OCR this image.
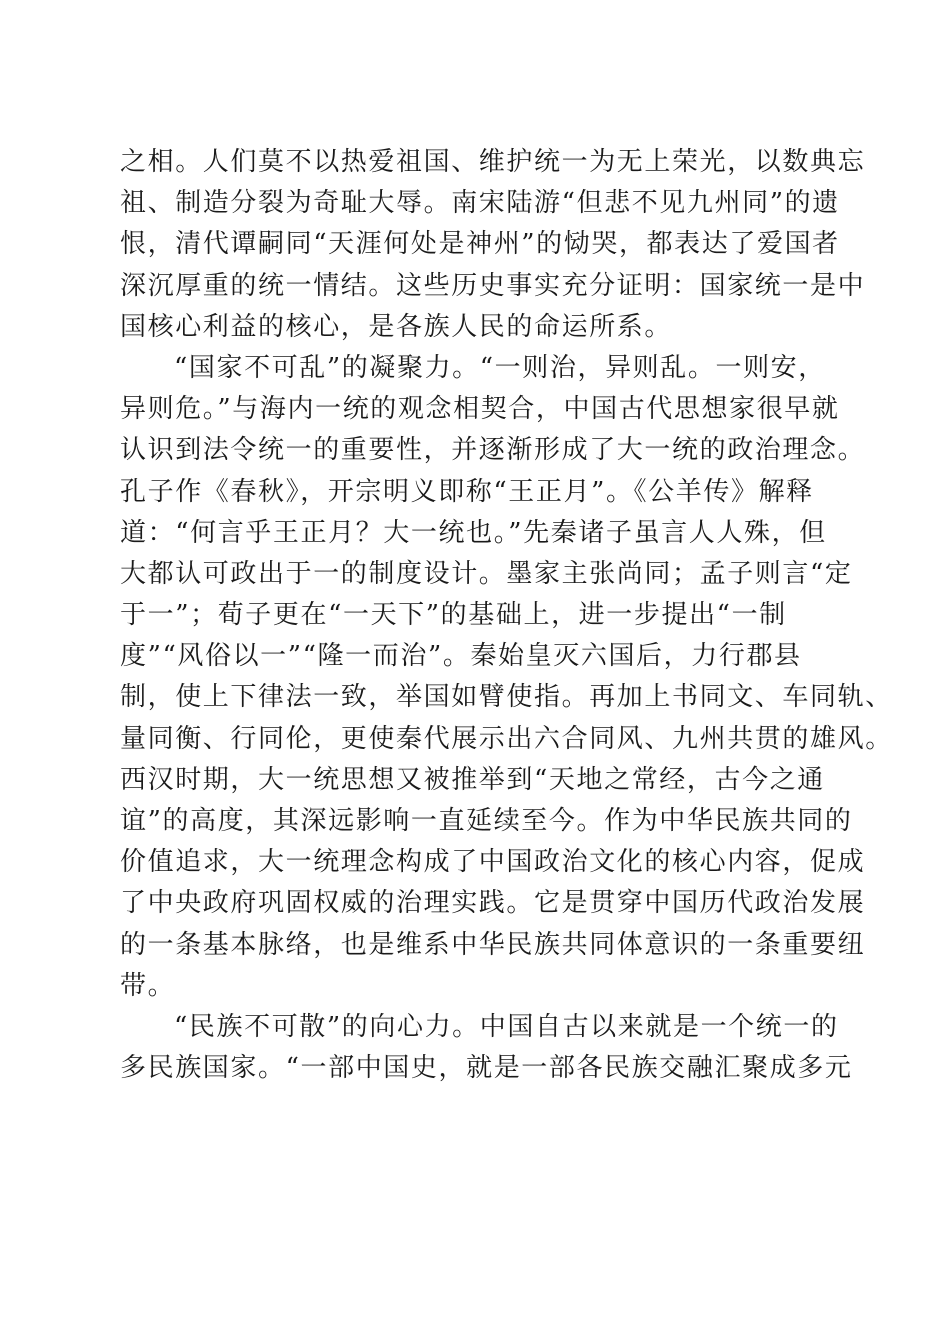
之相。人们莫不以热爱祖国、维护统一为无上荣光，以数典忘
祖、制造分裂为奇耻大辱。南宋陆游“但悲不见九州同”的遗
恨，清代谭嗣同“天涯何处是神州”的恸哭，都表达了爱国者
深沉厚重的统一情结。这些历史事实充分证明：国家统一是中
国核心利益的核心，是各族人民的命运所系。
“国家不可乱”的凝聚力。“一则治，异则乱。一则安，
异则危。”与海内一统的观念相契合，中国古代思想家很早就
认识到法令统一的重要性，并逐渐形成了大一统的政治理念。
孔子作《春秋》，开宗明义即称“王正月”。《公羊传》解释
道：“何言乎王正月？大一统也。”先秦诸子虽言人人殊，但
大都认可政出于一的制度设计。墨家主张尚同；孟子则言“定
于一”；荀子更在“一天下”的基础上，进一步提出“一制
度”“风俗以一”“隆一而治”。秦始皇灭六国后，力行郡县
制，使上下律法一致，举国如臂使指。再加上书同文、车同轨、
量同衡、行同伦，更使秦代展示出六合同风、九州共贯的雄风。
西汉时期，大一统思想又被推举到“天地之常经，古今之通
谊”的高度，其深远影响一直延续至今。作为中华民族共同的
价值追求，大一统理念构成了中国政治文化的核心内容，促成
了中央政府巩固权威的治理实践。它是贯穿中国历代政治发展
的一条基本脉络，也是维系中华民族共同体意识的一条重要纽
带。
“民族不可散”的向心力。中国自古以来就是一个统一的
多民族国家。“一部中国史，就是一部各民族交融汇聚成多元
